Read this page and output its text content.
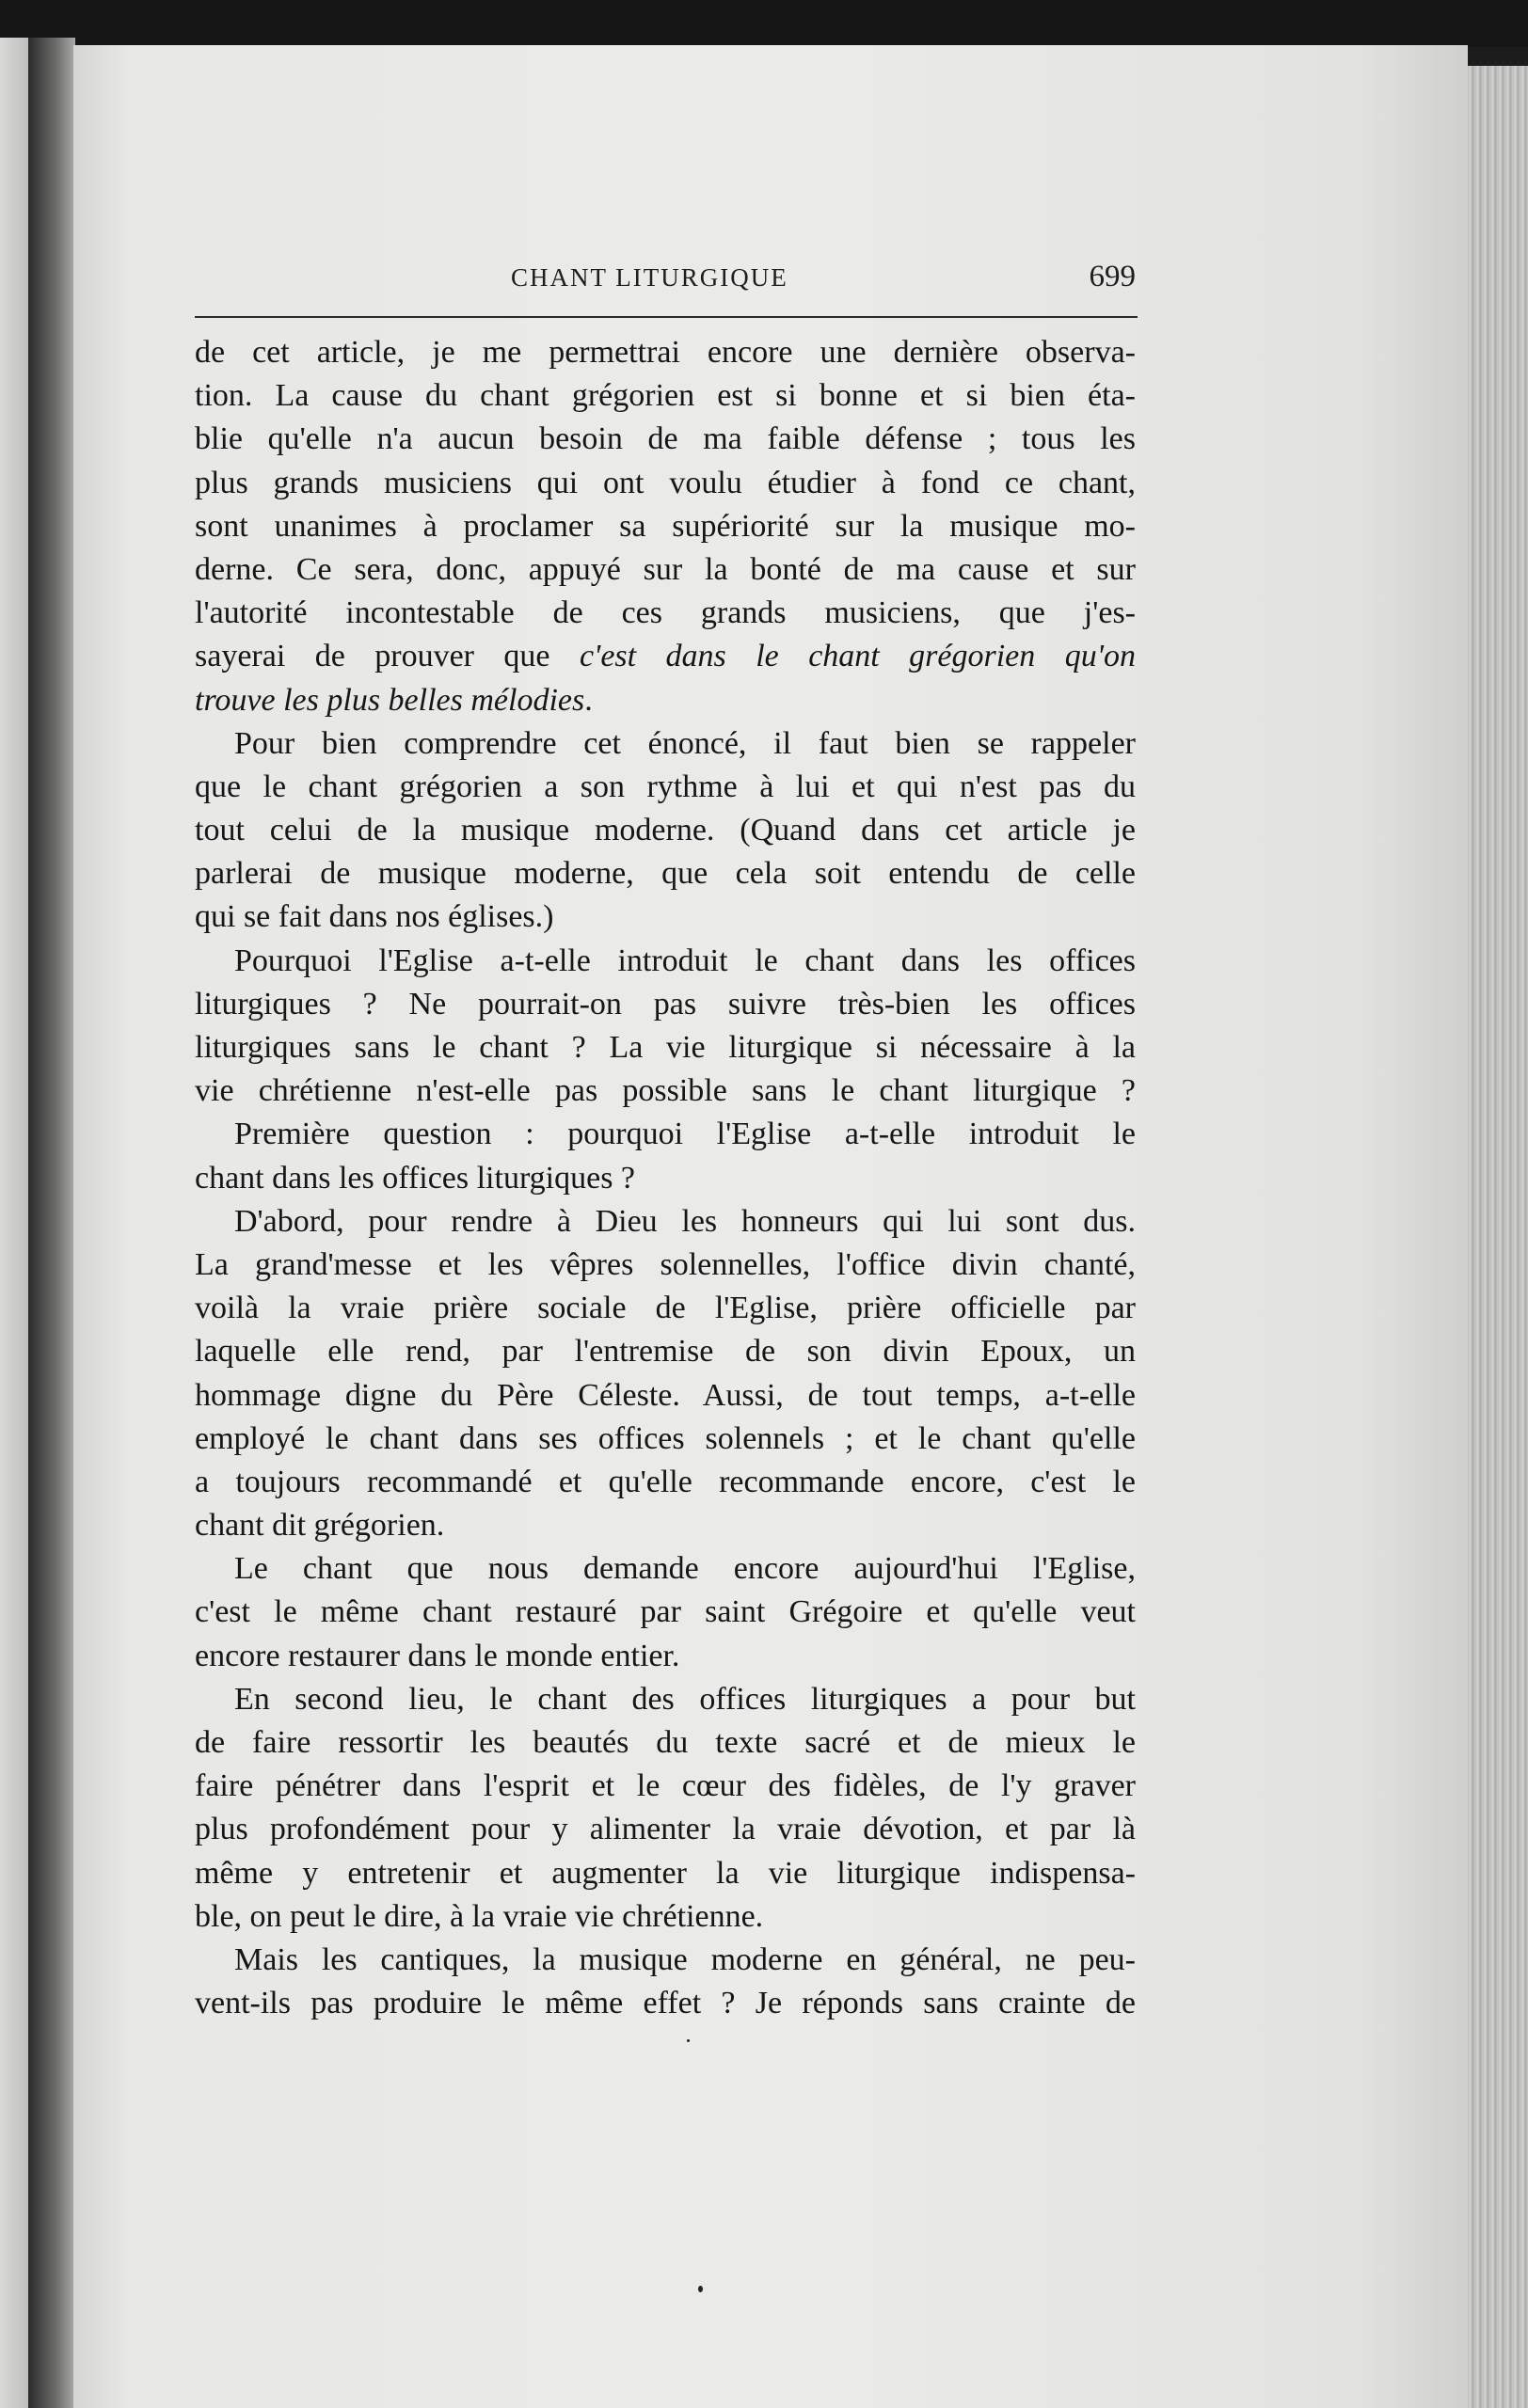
CHANT LITURGIQUE	699
de cet article, je me permettrai encore une dernière observa-
tion. La cause du chant grégorien est si bonne et si bien éta-
blie qu'elle n'a aucun besoin de ma faible défense ; tous les
plus grands musiciens qui ont voulu étudier à fond ce chant,
sont unanimes à proclamer sa supériorité sur la musique mo-
derne. Ce sera, donc, appuyé sur la bonté de ma cause et sur
l'autorité incontestable de ces grands musiciens, que j'es-
sayerai de prouver que c'est dans le chant grégorien qu'on
trouve les plus belles mélodies.
Pour bien comprendre cet énoncé, il faut bien se rappeler
que le chant grégorien a son rythme à lui et qui n'est pas du
tout celui de la musique moderne. (Quand dans cet article je
parlerai de musique moderne, que cela soit entendu de celle
qui se fait dans nos églises.)
Pourquoi l'Eglise a-t-elle introduit le chant dans les offices
liturgiques ? Ne pourrait-on pas suivre très-bien les offices
liturgiques sans le chant ? La vie liturgique si nécessaire à la
vie chrétienne n'est-elle pas possible sans le chant liturgique ?
Première question : pourquoi l'Eglise a-t-elle introduit le
chant dans les offices liturgiques ?
D'abord, pour rendre à Dieu les honneurs qui lui sont dus.
La grand'messe et les vêpres solennelles, l'office divin chanté,
voilà la vraie prière sociale de l'Eglise, prière officielle par
laquelle elle rend, par l'entremise de son divin Epoux, un
hommage digne du Père Céleste. Aussi, de tout temps, a-t-elle
employé le chant dans ses offices solennels ; et le chant qu'elle
a toujours recommandé et qu'elle recommande encore, c'est le
chant dit grégorien.
Le chant que nous demande encore aujourd'hui l'Eglise,
c'est le même chant restauré par saint Grégoire et qu'elle veut
encore restaurer dans le monde entier.
En second lieu, le chant des offices liturgiques a pour but
de faire ressortir les beautés du texte sacré et de mieux le
faire pénétrer dans l'esprit et le cœur des fidèles, de l'y graver
plus profondément pour y alimenter la vraie dévotion, et par là
même y entretenir et augmenter la vie liturgique indispensa-
ble, on peut le dire, à la vraie vie chrétienne.
Mais les cantiques, la musique moderne en général, ne peu-
vent-ils pas produire le même effet ? Je réponds sans crainte de
